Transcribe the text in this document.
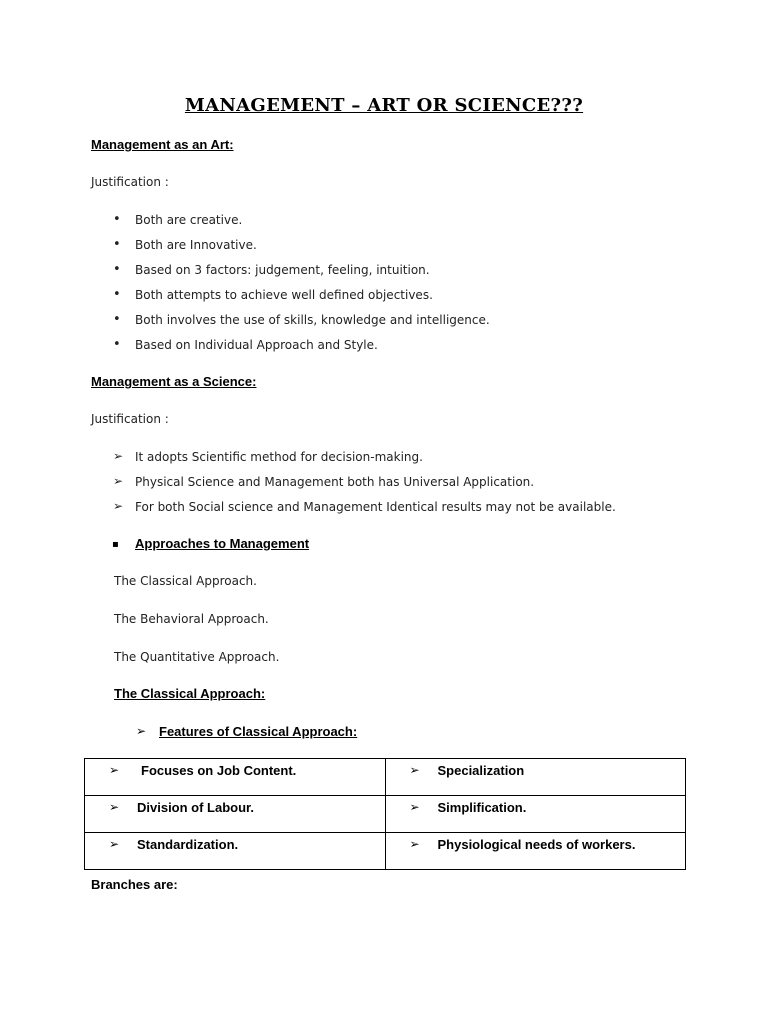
MANAGEMENT – ART OR SCIENCE???
Management as an Art:
Justification :
• Both are creative.
• Both are Innovative.
• Based on 3 factors: judgement, feeling, intuition.
• Both attempts to achieve well defined objectives.
• Both involves the use of skills, knowledge and intelligence.
• Based on Individual Approach and Style.
Management as a Science:
Justification :
➢ It adopts Scientific method for decision-making.
➢ Physical Science and Management both has Universal Application.
➢ For both Social science and Management Identical results may not be available.
▪ Approaches to Management
The Classical Approach.
The Behavioral Approach.
The Quantitative Approach.
The Classical Approach:
➢ Features of Classical Approach:
➢ Focuses on Job Content.	➢ Specialization

➢ Division of Labour.	➢ Simplification.

➢ Standardization.	➢ Physiological needs of workers.
Branches are:
